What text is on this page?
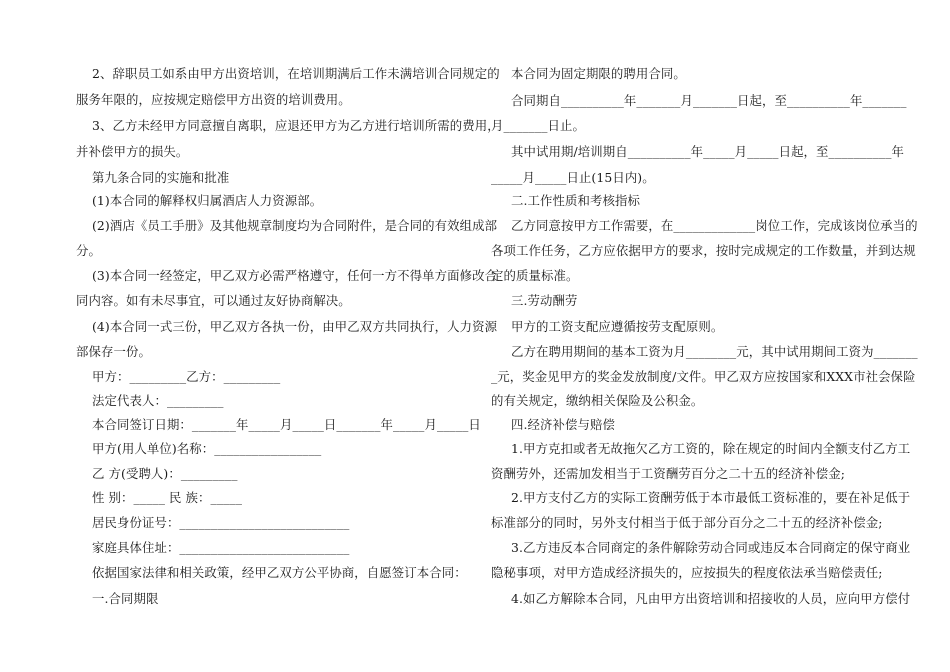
2、辞职员工如系由甲方出资培训，在培训期满后工作未满培训合同规定的
服务年限的，应按规定赔偿甲方出资的培训费用。
3、乙方未经甲方同意擅自离职，应退还甲方为乙方进行培训所需的费用，
并补偿甲方的损失。
第九条合同的实施和批准
(1)本合同的解释权归属酒店人力资源部。
(2)酒店《员工手册》及其他规章制度均为合同附件，是合同的有效组成部
分。
(3)本合同一经签定，甲乙双方必需严格遵守，任何一方不得单方面修改合
同内容。如有未尽事宜，可以通过友好协商解决。
(4)本合同一式三份，甲乙双方各执一份，由甲乙双方共同执行，人力资源
部保存一份。
甲方：_________乙方：_________
法定代表人：_________
本合同签订日期：_______年_____月_____日_______年_____月_____日
甲方(用人单位)名称：_________________
乙 方(受聘人)：_________
性 别：_____ 民 族：_____
居民身份证号：___________________________
家庭具体住址：___________________________
依据国家法律和相关政策，经甲乙双方公平协商，自愿签订本合同：
一.合同期限
本合同为固定期限的聘用合同。
合同期自__________年_______月_______日起，至__________年_______
月_______日止。
其中试用期/培训期自__________年_____月_____日起，至__________年
_____月_____日止(15日内)。
二.工作性质和考核指标
乙方同意按甲方工作需要，在_____________岗位工作，完成该岗位承当的
各项工作任务，乙方应依据甲方的要求，按时完成规定的工作数量，并到达规
定的质量标准。
三.劳动酬劳
甲方的工资支配应遵循按劳支配原则。
乙方在聘用期间的基本工资为月________元，其中试用期间工资为_______
_元，奖金见甲方的奖金发放制度/文件。甲乙双方应按国家和XXX市社会保险
的有关规定，缴纳相关保险及公积金。
四.经济补偿与赔偿
1.甲方克扣或者无故拖欠乙方工资的，除在规定的时间内全额支付乙方工
资酬劳外，还需加发相当于工资酬劳百分之二十五的经济补偿金;
2.甲方支付乙方的实际工资酬劳低于本市最低工资标准的，要在补足低于
标准部分的同时，另外支付相当于低于部分百分之二十五的经济补偿金;
3.乙方违反本合同商定的条件解除劳动合同或违反本合同商定的保守商业
隐秘事项，对甲方造成经济损失的，应按损失的程度依法承当赔偿责任;
4.如乙方解除本合同，凡由甲方出资培训和招接收的人员，应向甲方偿付
